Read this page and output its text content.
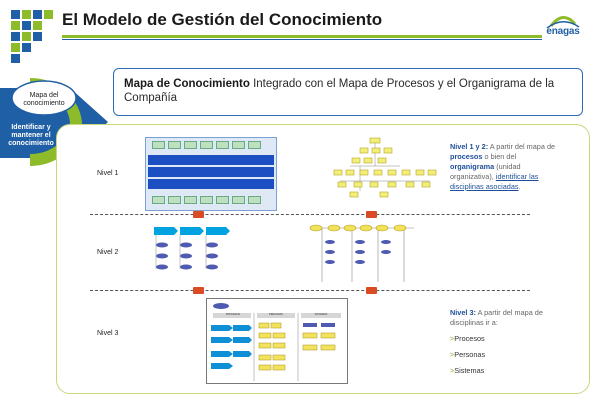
El Modelo de Gestión del Conocimiento
enagas
Mapa del conocimiento
Identificar y mantener el conocimiento
Mapa de Conocimiento Integrado con el Mapa de Procesos y el Organigrama de la Compañía
Nivel 1
Nivel 2
Nivel 3
PROCESOS	PERSONAS	SISTEMAS
Nivel 1 y 2: A partir del mapa de procesos o bien del organigrama (unidad organizativa), identificar las disciplinas asociadas.
Nivel 3: A partir del mapa de disciplinas ir a:
>Procesos
>Personas
>Sistemas
